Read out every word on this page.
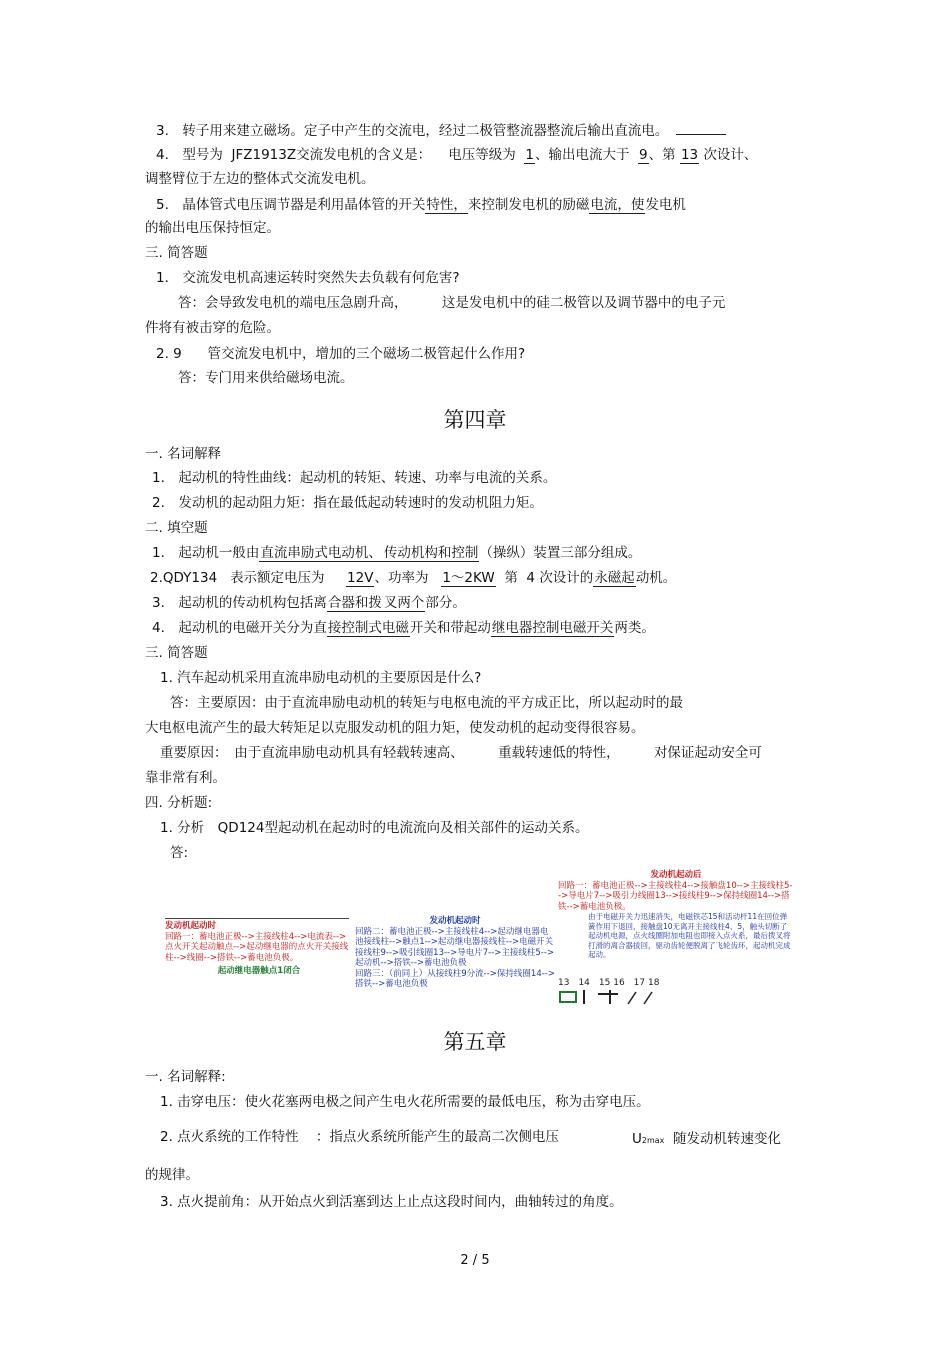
3.　转子用来建立磁场。定子中产生的交流电，经过二极管整流器整流后输出直流电。
4.　型号为 JFZ1913Z交流发电机的含义是： 电压等级为 1、输出电流大于 9、第 13 次设计、
调整臂位于左边的整体式交流发电机。
5.　晶体管式电压调节器是利用晶体管的开关特性，来控制发电机的励磁电流，使发电机
的输出电压保持恒定。
三. 简答题
1.　交流发电机高速运转时突然失去负载有何危害?
答：会导致发电机的端电压急剧升高，	这是发电机中的硅二极管以及调节器中的电子元
件将有被击穿的危险。
2. 9 管交流发电机中，增加的三个磁场二极管起什么作用?
答：专门用来供给磁场电流。
第四章
一. 名词解释
1.　起动机的特性曲线：起动机的转矩、转速、功率与电流的关系。
2.　发动机的起动阻力矩：指在最低起动转速时的发动机阻力矩。
二. 填空题
1.　起动机一般由直流串励式电动机、 传动机构和控制（操纵）装置三部分组成。
2.QDY134 表示额定电压为 12V、功率为 1～2KW 第 4 次设计的永磁起动机。
3.　起动机的传动机构包括离合器和拨 叉两个部分。
4.　起动机的电磁开关分为直接控制式电磁开关和带起动继电器控制电磁开关两类。
三. 简答题
1. 汽车起动机采用直流串励电动机的主要原因是什么?
答：主要原因：由于直流串励电动机的转矩与电枢电流的平方成正比，所以起动时的最
大电枢电流产生的最大转矩足以克服发动机的阻力矩，使发动机的起动变得很容易。
重要原因：　由于直流串励电动机具有轻载转速高、	重载转速低的特性，	对保证起动安全可
靠非常有利。
四. 分析题:
1. 分析　QD124型起动机在起动时的电流流向及相关部件的运动关系。
答:
发动机起动时
回路一：蓄电池正极-->主接线柱4-->电流表-->点火开关起动触点-->起动继电器的点火开关接线柱-->线圈-->搭铁-->蓄电池负极。
起动继电器触点1闭合
发动机起动时
回路二：蓄电池正极-->主接线柱4-->起动继电器电池接线柱-->触点1-->起动继电器接线柱-->电磁开关接线柱9-->吸引线圈13-->导电片7-->主接线柱5-->起动机-->搭铁-->蓄电池负极
回路三：（前同上）从接线柱9分流-->保持线圈14-->搭铁-->蓄电池负极
发动机起动后
回路一：蓄电池正极-->主接线柱4-->接触盘10-->主接线柱5-->导电片7-->吸引力线圈13-->接线柱9-->保持线圈14-->搭铁-->蓄电池负极。
由于电磁开关力迅速消失，电磁铁芯15和活动杆11在回位弹簧作用下退回，接触盘10无离开主接线柱4、5，触头切断了起动机电源，点火线圈附加电阻也即接入点火系，最后拨叉将打滑的离合器拔回，驱动齿轮便脱离了飞轮齿环，起动机完成起动。
13　14　15 16　17 18
第五章
一. 名词解释:
1. 击穿电压：使火花塞两电极之间产生电火花所需要的最低电压，称为击穿电压。
2. 点火系统的工作特性 ：指点火系统所能产生的最高二次侧电压	U2max 随发动机转速变化
的规律。
3. 点火提前角：从开始点火到活塞到达上止点这段时间内，曲轴转过的角度。
2 / 5
